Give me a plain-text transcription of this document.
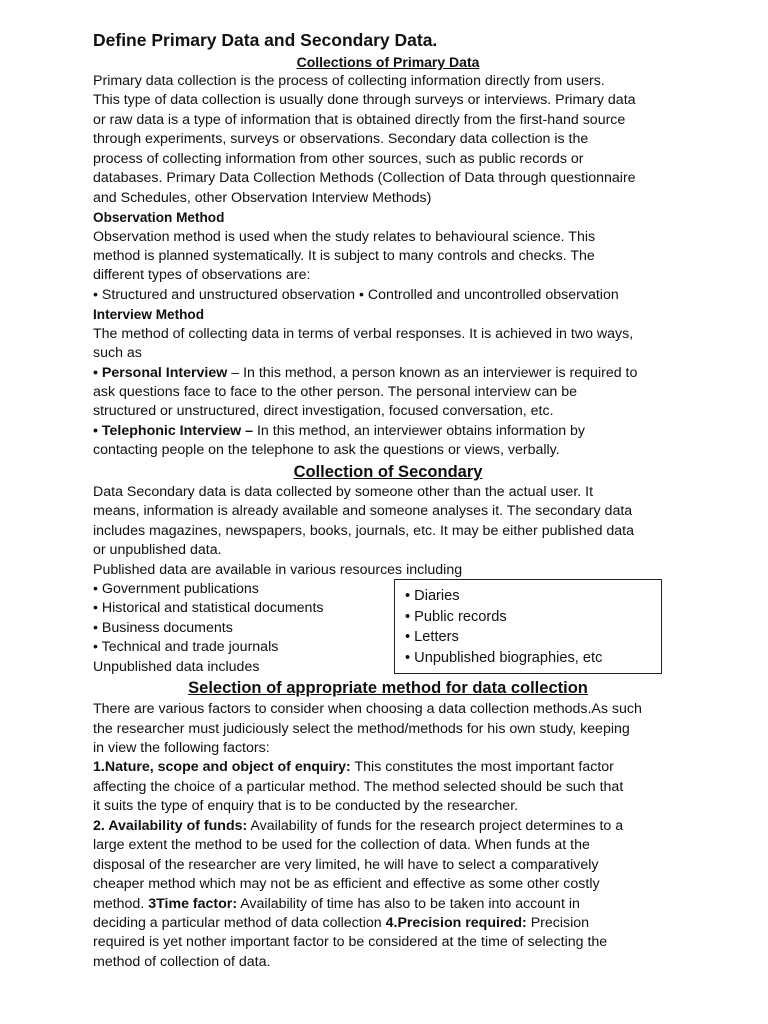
Define Primary Data and Secondary Data.
Collections of Primary Data
Primary data collection is the process of collecting information directly from users.
This type of data collection is usually done through surveys or interviews. Primary data
or raw data is a type of information that is obtained directly from the first-hand source
through experiments, surveys or observations. Secondary data collection is the
process of collecting information from other sources, such as public records or
databases. Primary Data Collection Methods (Collection of Data through questionnaire
and Schedules, other Observation Interview Methods)
Observation Method
Observation method is used when the study relates to behavioural science. This
method is planned systematically. It is subject to many controls and checks. The
different types of observations are:
• Structured and unstructured observation • Controlled and uncontrolled observation
Interview Method
The method of collecting data in terms of verbal responses. It is achieved in two ways,
such as
• Personal Interview – In this method, a person known as an interviewer is required to
ask questions face to face to the other person. The personal interview can be
structured or unstructured, direct investigation, focused conversation, etc.
• Telephonic Interview – In this method, an interviewer obtains information by
contacting people on the telephone to ask the questions or views, verbally.
Collection of Secondary
Data Secondary data is data collected by someone other than the actual user. It
means, information is already available and someone analyses it. The secondary data
includes magazines, newspapers, books, journals, etc. It may be either published data
or unpublished data.
Published data are available in various resources including
• Government publications
• Historical and statistical documents
• Business documents
• Technical and trade journals
Unpublished data includes
Selection of appropriate method for data collection
There are various factors to consider when choosing a data collection methods.As such
the researcher must judiciously select the method/methods for his own study, keeping
in view the following factors:
1.Nature, scope and object of enquiry: This constitutes the most important factor
affecting the choice of a particular method. The method selected should be such that
it suits the type of enquiry that is to be conducted by the researcher.
2. Availability of funds: Availability of funds for the research project determines to a
large extent the method to be used for the collection of data. When funds at the
disposal of the researcher are very limited, he will have to select a comparatively
cheaper method which may not be as efficient and effective as some other costly
method. 3Time factor: Availability of time has also to be taken into account in
deciding a particular method of data collection 4.Precision required: Precision
required is yet nother important factor to be considered at the time of selecting the
method of collection of data.
• Diaries
• Public records
• Letters
• Unpublished biographies, etc
